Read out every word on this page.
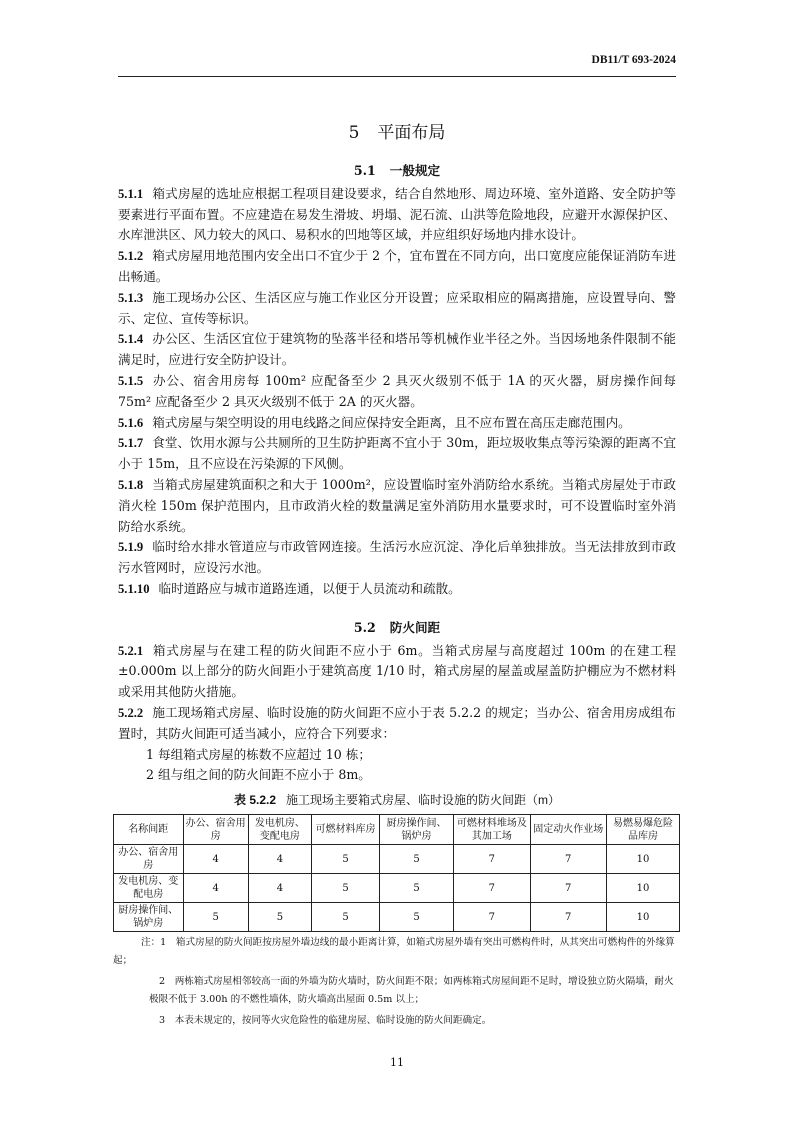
DB11/T 693-2024
5 平面布局
5.1 一般规定

5.1.1 箱式房屋的选址应根据工程项目建设要求，结合自然地形、周边环境、室外道路、安全防护等要素进行平面布置。不应建造在易发生滑坡、坍塌、泥石流、山洪等危险地段，应避开水源保护区、水库泄洪区、风力较大的风口、易积水的凹地等区域，并应组织好场地内排水设计。

5.1.2 箱式房屋用地范围内安全出口不宜少于 2 个，宜布置在不同方向，出口宽度应能保证消防车进出畅通。

5.1.3 施工现场办公区、生活区应与施工作业区分开设置；应采取相应的隔离措施，应设置导向、警示、定位、宣传等标识。

5.1.4 办公区、生活区宜位于建筑物的坠落半径和塔吊等机械作业半径之外。当因场地条件限制不能满足时，应进行安全防护设计。

5.1.5 办公、宿舍用房每 100m² 应配备至少 2 具灭火级别不低于 1A 的灭火器，厨房操作间每 75m² 应配备至少 2 具灭火级别不低于 2A 的灭火器。

5.1.6 箱式房屋与架空明设的用电线路之间应保持安全距离，且不应布置在高压走廊范围内。

5.1.7 食堂、饮用水源与公共厕所的卫生防护距离不宜小于 30m，距垃圾收集点等污染源的距离不宜小于 15m，且不应设在污染源的下风侧。

5.1.8 当箱式房屋建筑面积之和大于 1000m²，应设置临时室外消防给水系统。当箱式房屋处于市政消火栓 150m 保护范围内，且市政消火栓的数量满足室外消防用水量要求时，可不设置临时室外消防给水系统。

5.1.9 临时给水排水管道应与市政管网连接。生活污水应沉淀、净化后单独排放。当无法排放到市政污水管网时，应设污水池。

5.1.10 临时道路应与城市道路连通，以便于人员流动和疏散。

5.2 防火间距

5.2.1 箱式房屋与在建工程的防火间距不应小于 6m。当箱式房屋与高度超过 100m 的在建工程±0.000m 以上部分的防火间距小于建筑高度 1/10 时，箱式房屋的屋盖或屋盖防护棚应为不燃材料或采用其他防火措施。

5.2.2 施工现场箱式房屋、临时设施的防火间距不应小于表 5.2.2 的规定；当办公、宿舍用房成组布置时，其防火间距可适当减小，应符合下列要求：

1 每组箱式房屋的栋数不应超过 10 栋；
2 组与组之间的防火间距不应小于 8m。
表 5.2.2 施工现场主要箱式房屋、临时设施的防火间距（m）
名称间距	办公、宿舍用房	发电机房、变配电房	可燃材料库房	厨房操作间、锅炉房	可燃材料堆场及其加工场	固定动火作业场	易燃易爆危险品库房
办公、宿舍用房	4	4	5	5	7	7	10
发电机房、变配电房	4	4	5	5	7	7	10
厨房操作间、锅炉房	5	5	5	5	7	7	10
注：1　箱式房屋的防火间距按房屋外墙边线的最小距离计算，如箱式房屋外墙有突出可燃构件时，从其突出可燃构件的外缘算起；
2　两栋箱式房屋相邻较高一面的外墙为防火墙时，防火间距不限；如两栋箱式房屋间距不足时，增设独立防火隔墙，耐火极限不低于 3.00h 的不燃性墙体，防火墙高出屋面 0.5m 以上；
3　本表未规定的，按同等火灾危险性的临建房屋、临时设施的防火间距确定。
11
